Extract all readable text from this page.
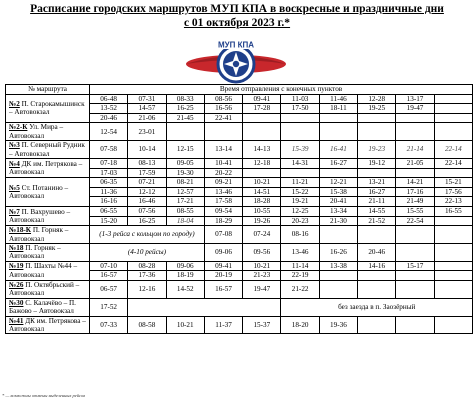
Расписание городских маршрутов МУП КПА в воскресные и праздничные дни
с 01 октября 2023 г.*
МУП КПА
№ маршрута	Время отправления с конечных пунктов									
№2 П. Старокамышинск – Автовокзал	06-48	07-31	08-33	08-56	09-41	11-03	11-46	12-28	13-17	
	13-52	14-57	16-25	16-56	17-28	17-50	18-11	19-25	19-47	
	20-46	21-06	21-45	22-41						
№2-К Ул. Мира – Автовокзал	12-54	23-01								
№3 П. Северный Рудник – Автовокзал	07-58	10-14	12-15	13-14	14-13	15-39	16-41	19-23	21-14	22-14
№4 ДК им. Петрякова – Автовокзал	07-18	08-13	09-05	10-41	12-18	14-31	16-27	19-12	21-05	22-14
	17-03	17-59	19-30	20-22						
№5 Ст. Потанино – Автовокзал	06-35	07-21	08-21	09-21	10-21	11-21	12-21	13-21	14-21	15-21
	11-36	12-12	12-57	13-46	14-51	15-22	15-38	16-27	17-16	17-56
	16-16	16-46	17-21	17-58	18-28	19-21	20-41	21-11	21-49	22-13
№7 П. Вахрушево – Автовокзал	06-55	07-56	08-55	09-54	10-55	12-25	13-34	14-55	15-55	16-55
	15-20	16-25	18-04	18-29	19-26	20-23	21-30	21-52	22-54	
№18-К П. Горняк – Автовокзал	(1-3 рейса с кольцом по городу)			07-08	07-24	08-16				
№18 П. Горняк – Автовокзал	(4-10 рейсы)			09-06	09-56	13-46	16-26	20-46		
№19 П. Шахты №44 – Автовокзал	07-10	08-28	09-06	09-41	10-21	11-14	13-38	14-16	15-17	
	16-57	17-36	18-19	20-19	21-23	22-19				
№26 П. Октябрьский – Автовокзал	06-57	12-16	14-52	16-57	19-47	21-22				
№30 С. Калачёво – П. Бажово – Автовокзал	17-52					без заезда в п. Заозёрный				
№41 ДК им. Петрякова – Автовокзал	07-33	08-58	10-21	11-37	15-37	18-20	19-36			
* — возможны отмены выделенных рейсов
